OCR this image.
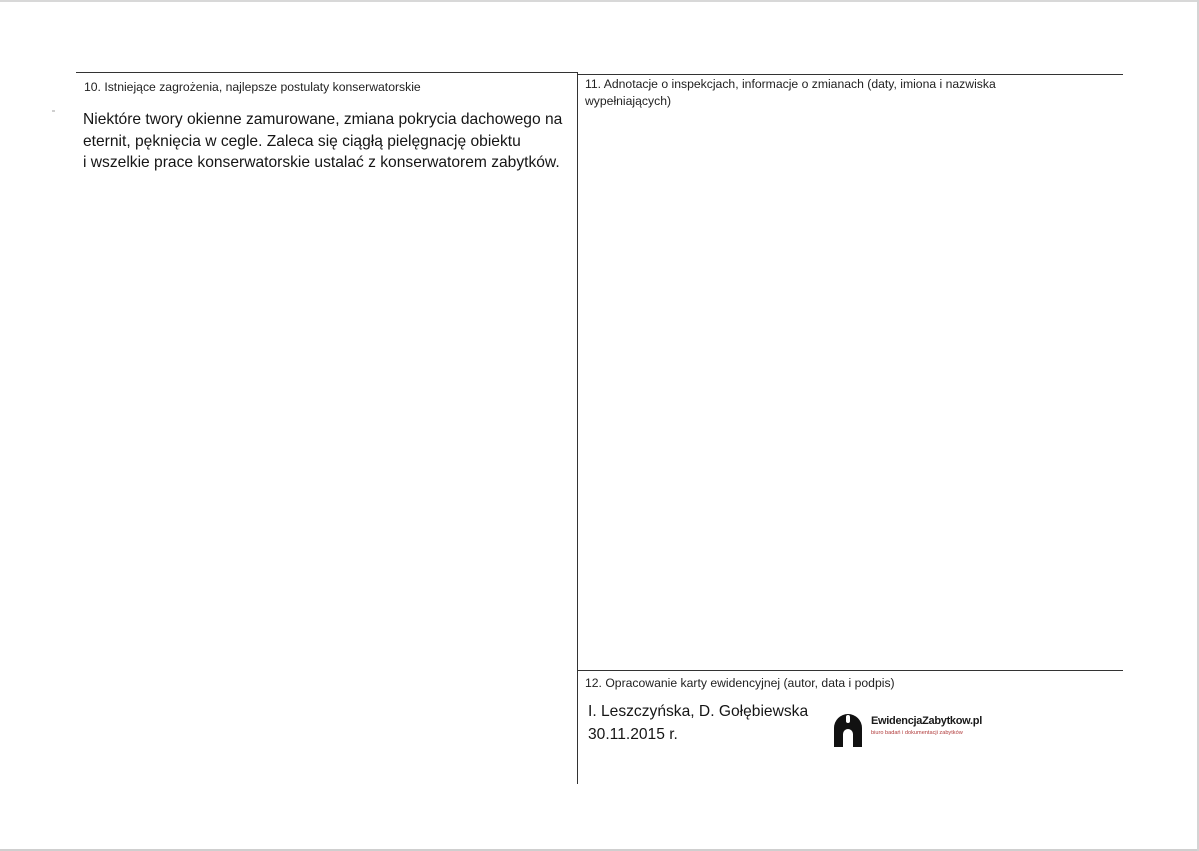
10. Istniejące zagrożenia, najlepsze postulaty konserwatorskie
Niektóre twory okienne zamurowane, zmiana pokrycia dachowego na
eternit, pęknięcia w cegle. Zaleca się ciągłą pielęgnację obiektu
i wszelkie prace konserwatorskie ustalać z konserwatorem zabytków.
11. Adnotacje o inspekcjach, informacje o zmianach (daty, imiona i nazwiska wypełniających)
12. Opracowanie karty ewidencyjnej (autor, data i podpis)
I. Leszczyńska, D. Gołębiewska
30.11.2015 r.
EwidencjaZabytkow.pl
biuro badań i dokumentacji zabytków
